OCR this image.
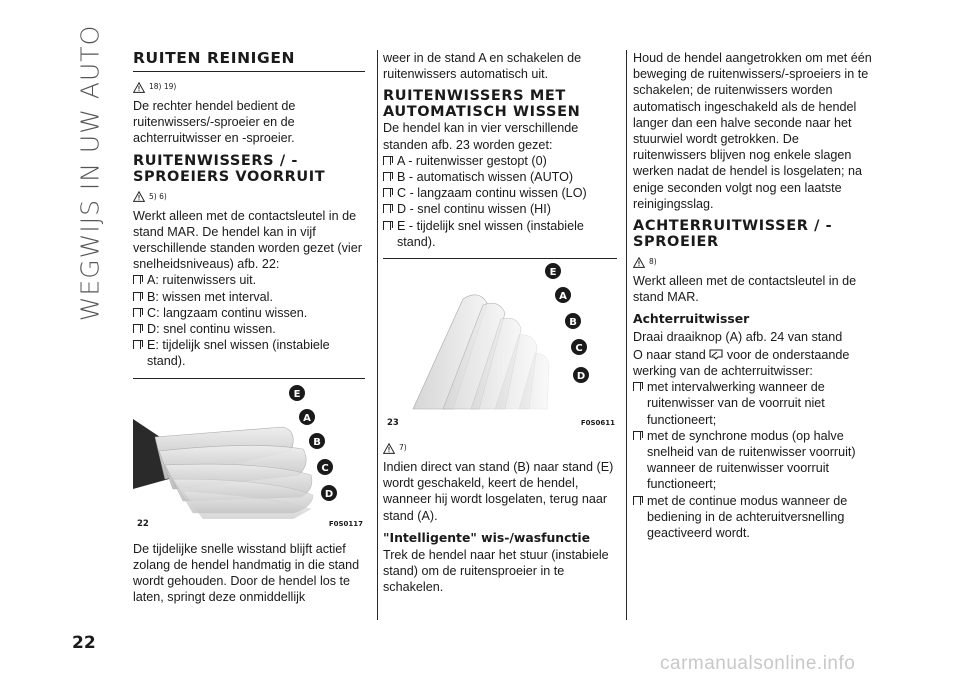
WEGWIJS IN UW AUTO RUITEN REINIGEN
18) 19)

De rechter hendel bedient de ruitenwissers/-sproeier en de achterruitwisser en -sproeier.

RUITENWISSERS / -SPROEIERS VOORRUIT
5) 6)

Werkt alleen met de contactsleutel in de stand MAR. De hendel kan in vijf verschillende standen worden gezet (vier snelheidsniveaus) afb. 22:

A: ruitenwissers uit.
B: wissen met interval.
C: langzaam continu wissen.
D: snel continu wissen.
E: tijdelijk snel wissen (instabiele stand).
E
A
B
C
D
22	F0S0117

De tijdelijke snelle wisstand blijft actief zolang de hendel handmatig in die stand wordt gehouden. Door de hendel los te laten, springt deze onmiddellijk

weer in de stand A en schakelen de ruitenwissers automatisch uit.

RUITENWISSERS MET AUTOMATISCH WISSEN

De hendel kan in vier verschillende standen afb. 23 worden gezet:

A - ruitenwisser gestopt (0)
B - automatisch wissen (AUTO)
C - langzaam continu wissen (LO)
D - snel continu wissen (HI)
E - tijdelijk snel wissen (instabiele stand).
E
A
B
C
D
23	F0S0611
7)

Indien direct van stand (B) naar stand (E) wordt geschakeld, keert de hendel, wanneer hij wordt losgelaten, terug naar stand (A).

"Intelligente" wis-/wasfunctie

Trek de hendel naar het stuur (instabiele stand) om de ruitensproeier in te schakelen.

Houd de hendel aangetrokken om met één beweging de ruitenwissers/-sproeiers in te schakelen; de ruitenwissers worden automatisch ingeschakeld als de hendel langer dan een halve seconde naar het stuurwiel wordt getrokken. De ruitenwissers blijven nog enkele slagen werken nadat de hendel is losgelaten; na enige seconden volgt nog een laatste reinigingsslag.

ACHTERRUITWISSER / -SPROEIER
8)

Werkt alleen met de contactsleutel in de stand MAR.

Achterruitwisser

Draai draaiknop (A) afb. 24 van stand

O naar stand voor de onderstaande werking van de achterruitwisser:

met intervalwerking wanneer de ruitenwisser van de voorruit niet functioneert;
met de synchrone modus (op halve snelheid van de ruitenwisser voorruit) wanneer de ruitenwisser voorruit functioneert;
met de continue modus wanneer de bediening in de achteruitversnelling geactiveerd wordt.
22
carmanualsonline.info
